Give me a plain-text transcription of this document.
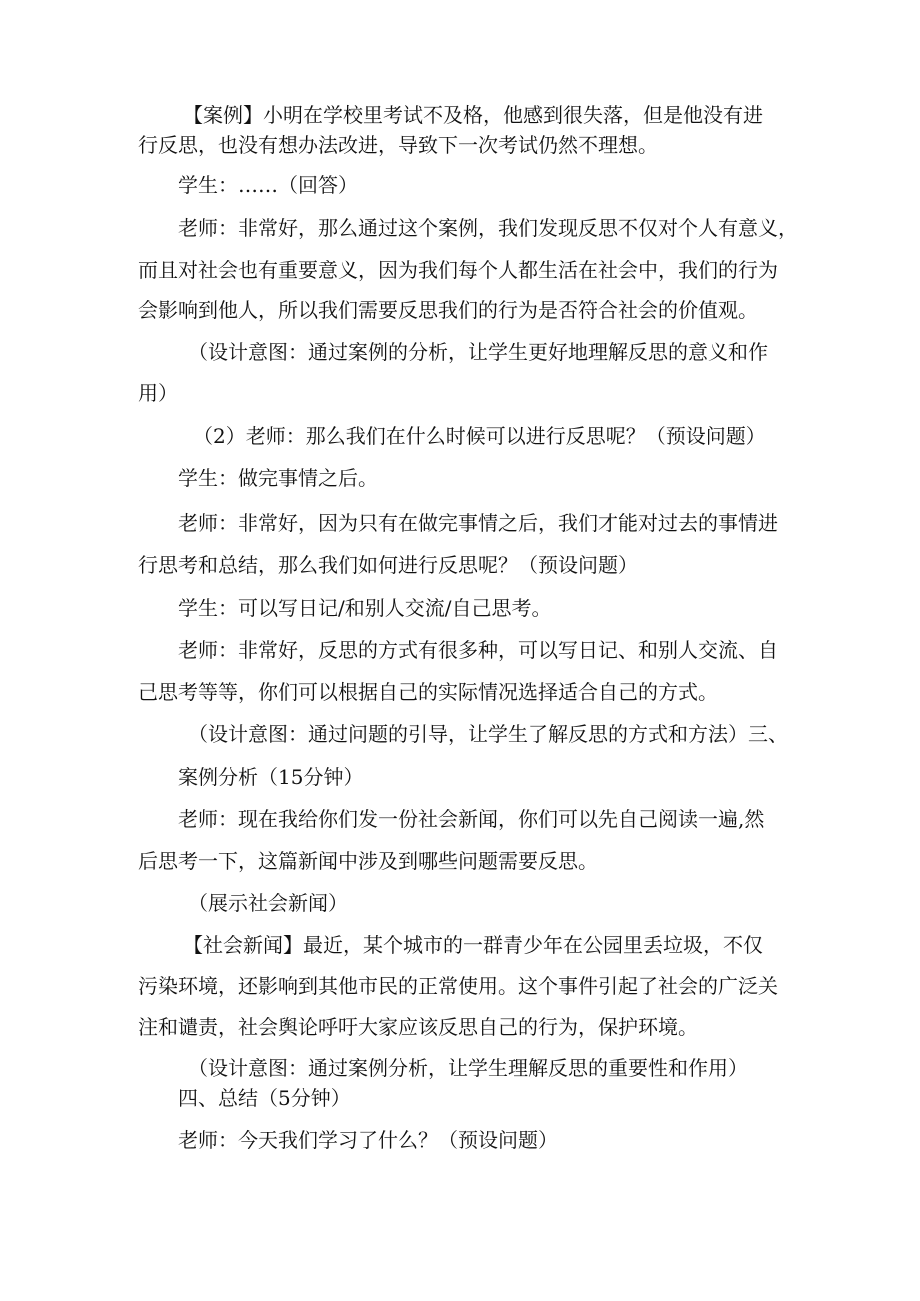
【案例】小明在学校里考试不及格，他感到很失落，但是他没有进

行反思，也没有想办法改进，导致下一次考试仍然不理想。

学生：……（回答）

老师：非常好，那么通过这个案例，我们发现反思不仅对个人有意义，

而且对社会也有重要意义，因为我们每个人都生活在社会中，我们的行为

会影响到他人，所以我们需要反思我们的行为是否符合社会的价值观。

（设计意图：通过案例的分析，让学生更好地理解反思的意义和作

用）

（2）老师：那么我们在什么时候可以进行反思呢？（预设问题）

学生：做完事情之后。

老师：非常好，因为只有在做完事情之后，我们才能对过去的事情进

行思考和总结，那么我们如何进行反思呢？（预设问题）

学生：可以写日记/和别人交流/自己思考。

老师：非常好，反思的方式有很多种，可以写日记、和别人交流、自

己思考等等，你们可以根据自己的实际情况选择适合自己的方式。

（设计意图：通过问题的引导，让学生了解反思的方式和方法）三、

案例分析（15分钟）

老师：现在我给你们发一份社会新闻，你们可以先自己阅读一遍,然

后思考一下，这篇新闻中涉及到哪些问题需要反思。

（展示社会新闻）

【社会新闻】最近，某个城市的一群青少年在公园里丢垃圾，不仅

污染环境，还影响到其他市民的正常使用。这个事件引起了社会的广泛关

注和谴责，社会舆论呼吁大家应该反思自己的行为，保护环境。

（设计意图：通过案例分析，让学生理解反思的重要性和作用）

四、总结（5分钟）

老师：今天我们学习了什么？（预设问题）
